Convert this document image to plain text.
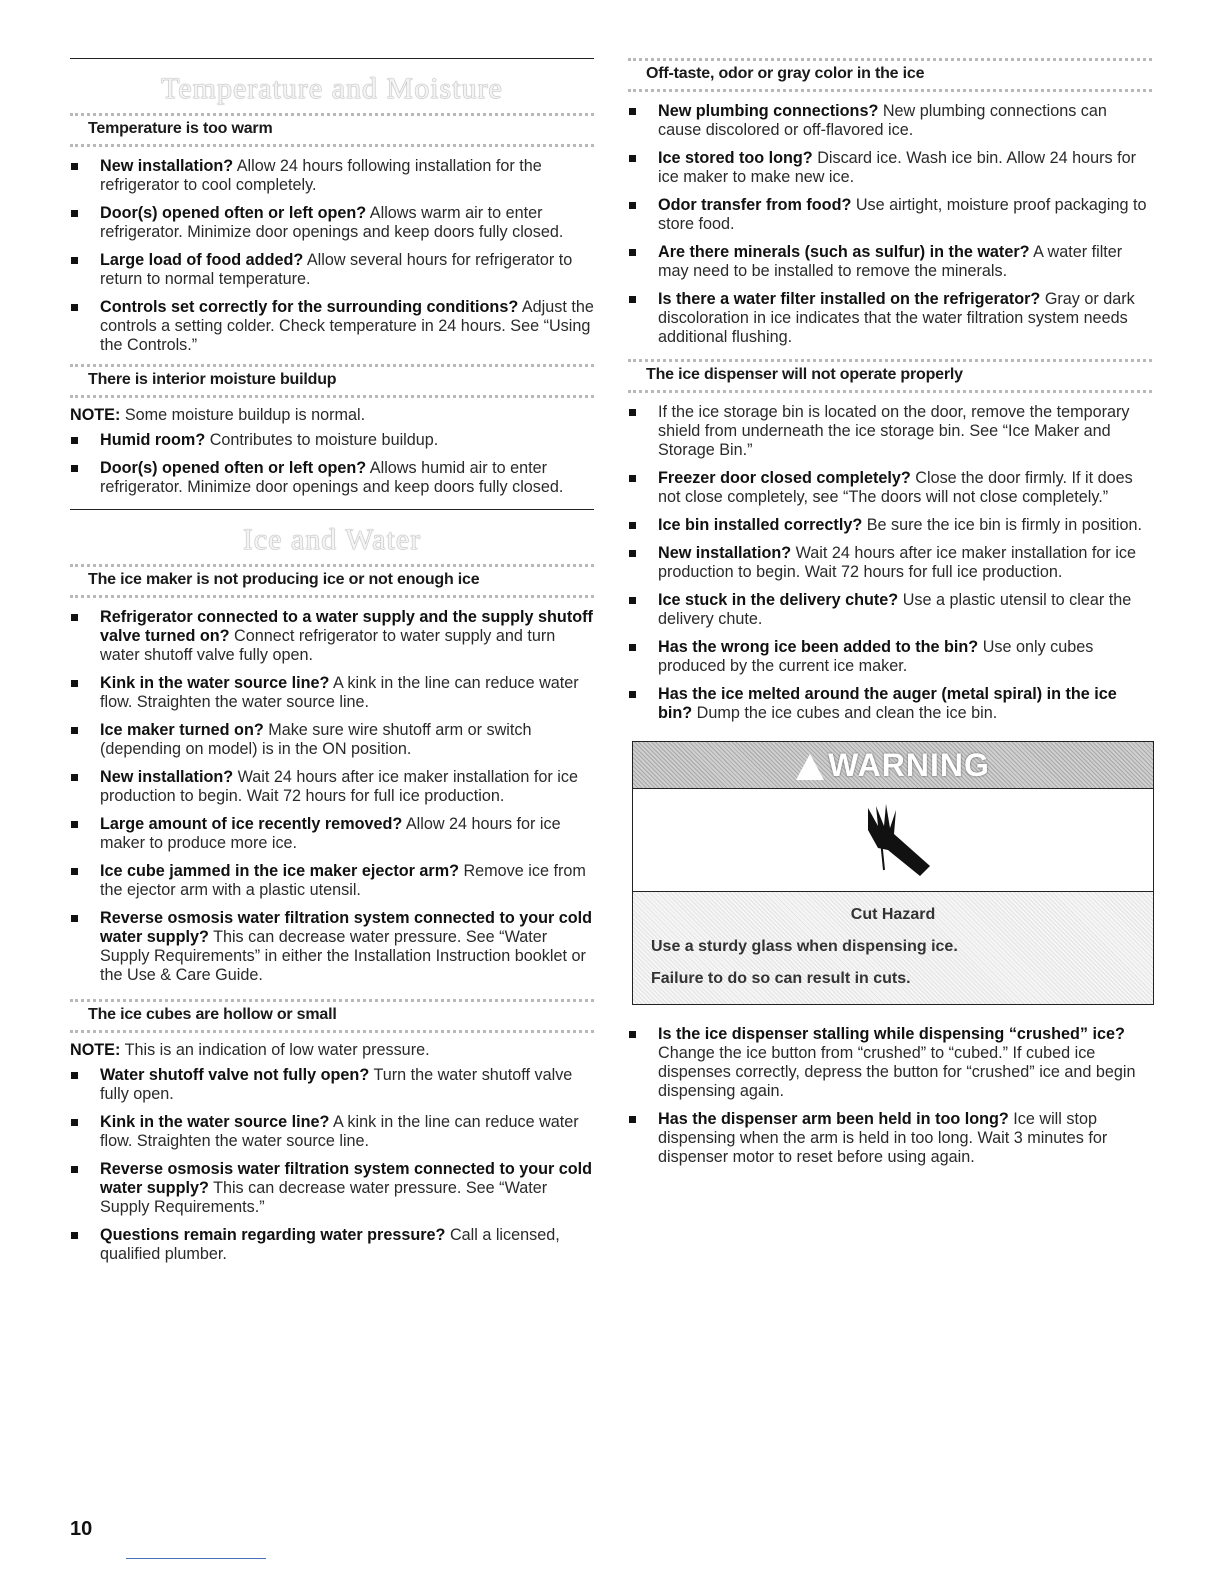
Temperature and Moisture
Temperature is too warm
New installation? Allow 24 hours following installation for the refrigerator to cool completely.
Door(s) opened often or left open? Allows warm air to enter refrigerator. Minimize door openings and keep doors fully closed.
Large load of food added? Allow several hours for refrigerator to return to normal temperature.
Controls set correctly for the surrounding conditions? Adjust the controls a setting colder. Check temperature in 24 hours. See “Using the Controls.”
There is interior moisture buildup

NOTE: Some moisture buildup is normal.

Humid room? Contributes to moisture buildup.
Door(s) opened often or left open? Allows humid air to enter refrigerator. Minimize door openings and keep doors fully closed.
Ice and Water
The ice maker is not producing ice or not enough ice
Refrigerator connected to a water supply and the supply shutoff valve turned on? Connect refrigerator to water supply and turn water shutoff valve fully open.
Kink in the water source line? A kink in the line can reduce water flow. Straighten the water source line.
Ice maker turned on? Make sure wire shutoff arm or switch (depending on model) is in the ON position.
New installation? Wait 24 hours after ice maker installation for ice production to begin. Wait 72 hours for full ice production.
Large amount of ice recently removed? Allow 24 hours for ice maker to produce more ice.
Ice cube jammed in the ice maker ejector arm? Remove ice from the ejector arm with a plastic utensil.
Reverse osmosis water filtration system connected to your cold water supply? This can decrease water pressure. See “Water Supply Requirements” in either the Installation Instruction booklet or the Use & Care Guide.
The ice cubes are hollow or small

NOTE: This is an indication of low water pressure.

Water shutoff valve not fully open? Turn the water shutoff valve fully open.
Kink in the water source line? A kink in the line can reduce water flow. Straighten the water source line.
Reverse osmosis water filtration system connected to your cold water supply? This can decrease water pressure. See “Water Supply Requirements.”
Questions remain regarding water pressure? Call a licensed, qualified plumber.
Off-taste, odor or gray color in the ice
New plumbing connections? New plumbing connections can cause discolored or off-flavored ice.
Ice stored too long? Discard ice. Wash ice bin. Allow 24 hours for ice maker to make new ice.
Odor transfer from food? Use airtight, moisture proof packaging to store food.
Are there minerals (such as sulfur) in the water? A water filter may need to be installed to remove the minerals.
Is there a water filter installed on the refrigerator? Gray or dark discoloration in ice indicates that the water filtration system needs additional flushing.
The ice dispenser will not operate properly
If the ice storage bin is located on the door, remove the temporary shield from underneath the ice storage bin. See “Ice Maker and Storage Bin.”
Freezer door closed completely? Close the door firmly. If it does not close completely, see “The doors will not close completely.”
Ice bin installed correctly? Be sure the ice bin is firmly in position.
New installation? Wait 24 hours after ice maker installation for ice production to begin. Wait 72 hours for full ice production.
Ice stuck in the delivery chute? Use a plastic utensil to clear the delivery chute.
Has the wrong ice been added to the bin? Use only cubes produced by the current ice maker.
Has the ice melted around the auger (metal spiral) in the ice bin? Dump the ice cubes and clean the ice bin.
WARNING
Cut Hazard
Use a sturdy glass when dispensing ice.
Failure to do so can result in cuts.
Is the ice dispenser stalling while dispensing “crushed” ice? Change the ice button from “crushed” to “cubed.” If cubed ice dispenses correctly, depress the button for “crushed” ice and begin dispensing again.
Has the dispenser arm been held in too long? Ice will stop dispensing when the arm is held in too long. Wait 3 minutes for dispenser motor to reset before using again.
10
